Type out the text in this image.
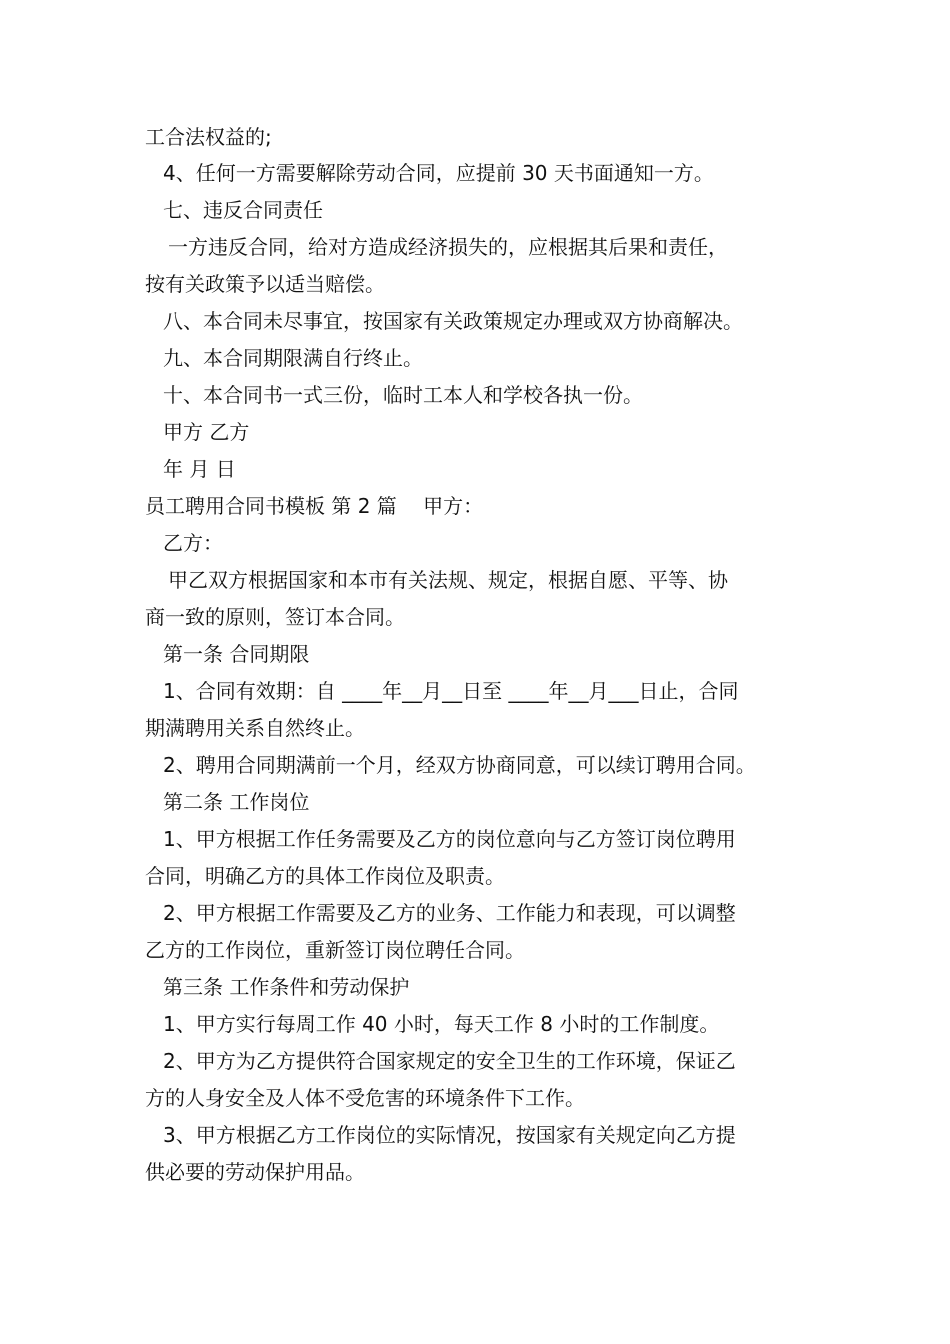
工合法权益的;
4、任何一方需要解除劳动合同，应提前 30 天书面通知一方。
七、违反合同责任
一方违反合同，给对方造成经济损失的，应根据其后果和责任，
按有关政策予以适当赔偿。
八、本合同未尽事宜，按国家有关政策规定办理或双方协商解决。
九、本合同期限满自行终止。
十、本合同书一式三份，临时工本人和学校各执一份。
甲方 乙方
年 月 日
员工聘用合同书模板 第 2 篇　 甲方：
乙方：
甲乙双方根据国家和本市有关法规、规定，根据自愿、平等、协
商一致的原则，签订本合同。
第一条 合同期限
1、合同有效期：自 ____年__月__日至 ____年__月___日止，合同
期满聘用关系自然终止。
2、聘用合同期满前一个月，经双方协商同意，可以续订聘用合同。
第二条 工作岗位
1、甲方根据工作任务需要及乙方的岗位意向与乙方签订岗位聘用
合同，明确乙方的具体工作岗位及职责。
2、甲方根据工作需要及乙方的业务、工作能力和表现，可以调整
乙方的工作岗位，重新签订岗位聘任合同。
第三条 工作条件和劳动保护
1、甲方实行每周工作 40 小时，每天工作 8 小时的工作制度。
2、甲方为乙方提供符合国家规定的安全卫生的工作环境，保证乙
方的人身安全及人体不受危害的环境条件下工作。
3、甲方根据乙方工作岗位的实际情况，按国家有关规定向乙方提
供必要的劳动保护用品。
